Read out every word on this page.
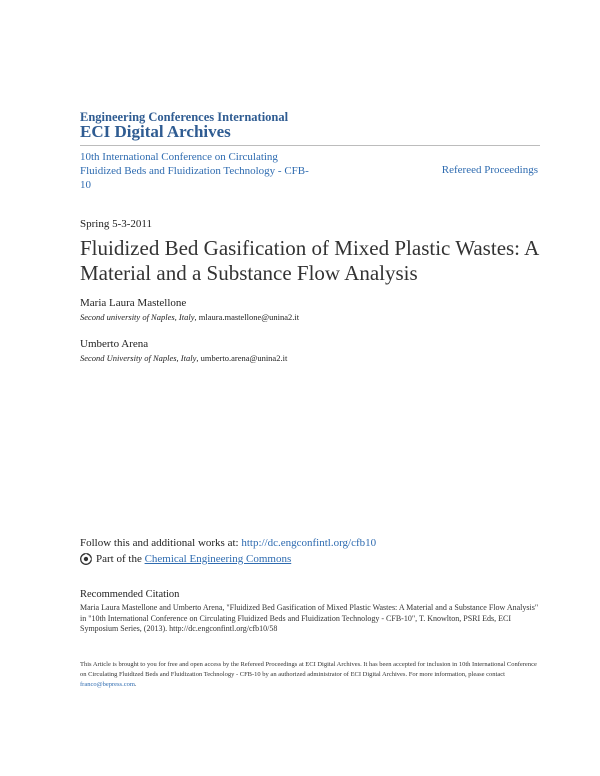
Engineering Conferences International
ECI Digital Archives
10th International Conference on Circulating Fluidized Beds and Fluidization Technology - CFB-10
Refereed Proceedings
Spring 5-3-2011
Fluidized Bed Gasification of Mixed Plastic Wastes: A Material and a Substance Flow Analysis
Maria Laura Mastellone
Second university of Naples, Italy, mlaura.mastellone@unina2.it
Umberto Arena
Second University of Naples, Italy, umberto.arena@unina2.it
Follow this and additional works at: http://dc.engconfintl.org/cfb10
Part of the
Chemical Engineering Commons
Recommended Citation
Maria Laura Mastellone and Umberto Arena, "Fluidized Bed Gasification of Mixed Plastic Wastes: A Material and a Substance Flow Analysis" in "10th International Conference on Circulating Fluidized Beds and Fluidization Technology - CFB-10", T. Knowlton, PSRI Eds, ECI Symposium Series, (2013). http://dc.engconfintl.org/cfb10/58
This Article is brought to you for free and open access by the Refereed Proceedings at ECI Digital Archives. It has been accepted for inclusion in 10th International Conference on Circulating Fluidized Beds and Fluidization Technology - CFB-10 by an authorized administrator of ECI Digital Archives. For more information, please contact franco@bepress.com.
